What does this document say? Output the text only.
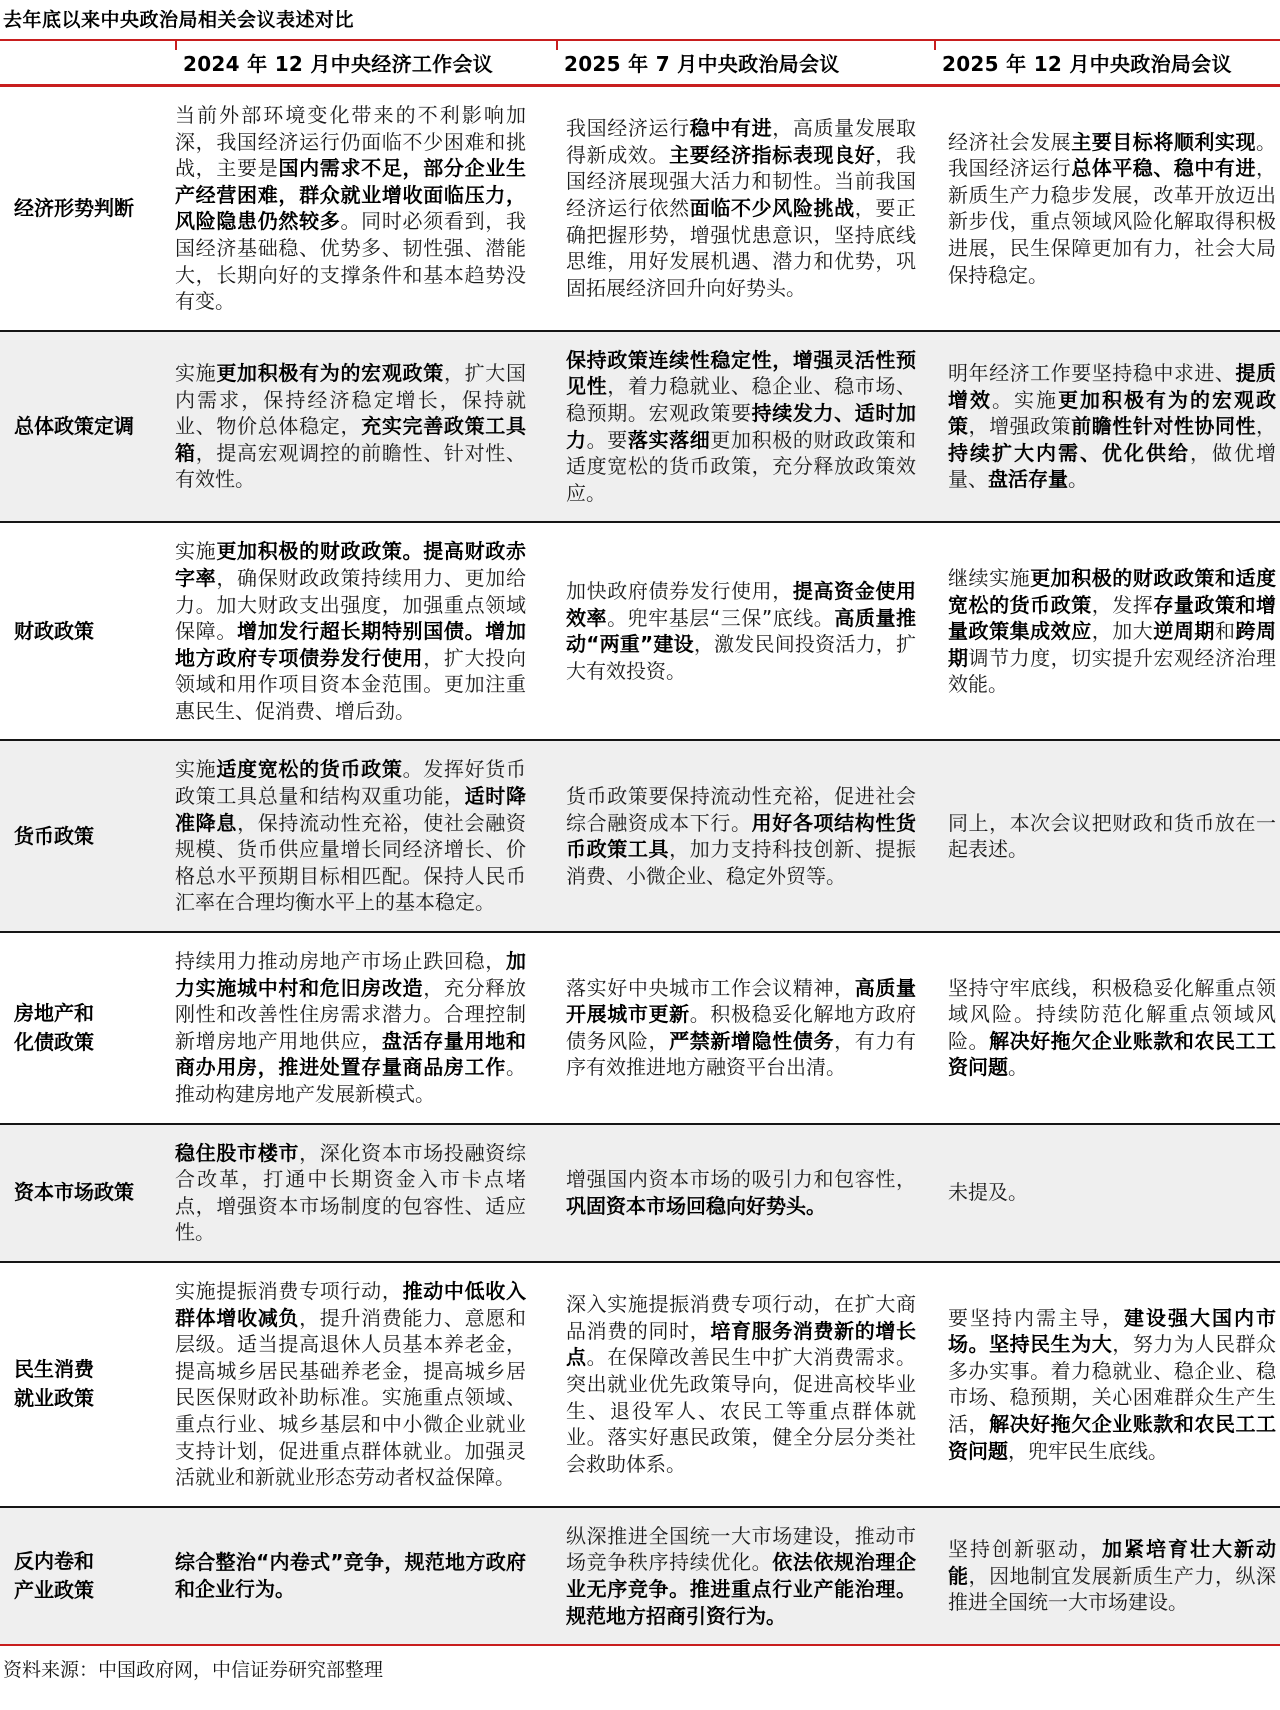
去年底以来中央政治局相关会议表述对比
	2024 年 12 月中央经济工作会议	2025 年 7 月中央政治局会议	2025 年 12 月中央政治局会议
经济形势判断	当前外部环境变化带来的不利影响加深，我国经济运行仍面临不少困难和挑战，主要是国内需求不足，部分企业生产经营困难，群众就业增收面临压力，风险隐患仍然较多。同时必须看到，我国经济基础稳、优势多、韧性强、潜能大，长期向好的支撑条件和基本趋势没有变。	我国经济运行稳中有进，高质量发展取得新成效。主要经济指标表现良好，我国经济展现强大活力和韧性。当前我国经济运行依然面临不少风险挑战，要正确把握形势，增强忧患意识，坚持底线思维，用好发展机遇、潜力和优势，巩固拓展经济回升向好势头。	经济社会发展主要目标将顺利实现。我国经济运行总体平稳、稳中有进，新质生产力稳步发展，改革开放迈出新步伐，重点领域风险化解取得积极进展，民生保障更加有力，社会大局保持稳定。
总体政策定调	实施更加积极有为的宏观政策，扩大国内需求，保持经济稳定增长，保持就业、物价总体稳定，充实完善政策工具箱，提高宏观调控的前瞻性、针对性、有效性。	保持政策连续性稳定性，增强灵活性预见性，着力稳就业、稳企业、稳市场、稳预期。宏观政策要持续发力、适时加力。要落实落细更加积极的财政政策和适度宽松的货币政策，充分释放政策效应。	明年经济工作要坚持稳中求进、提质增效。实施更加积极有为的宏观政策，增强政策前瞻性针对性协同性，持续扩大内需、优化供给，做优增量、盘活存量。
财政政策	实施更加积极的财政政策。提高财政赤字率，确保财政政策持续用力、更加给力。加大财政支出强度，加强重点领域保障。增加发行超长期特别国债。增加地方政府专项债券发行使用，扩大投向领域和用作项目资本金范围。更加注重惠民生、促消费、增后劲。	加快政府债券发行使用，提高资金使用效率。兜牢基层“三保”底线。高质量推动“两重”建设，激发民间投资活力，扩大有效投资。	继续实施更加积极的财政政策和适度宽松的货币政策，发挥存量政策和增量政策集成效应，加大逆周期和跨周期调节力度，切实提升宏观经济治理效能。
货币政策	实施适度宽松的货币政策。发挥好货币政策工具总量和结构双重功能，适时降准降息，保持流动性充裕，使社会融资规模、货币供应量增长同经济增长、价格总水平预期目标相匹配。保持人民币汇率在合理均衡水平上的基本稳定。	货币政策要保持流动性充裕，促进社会综合融资成本下行。用好各项结构性货币政策工具，加力支持科技创新、提振消费、小微企业、稳定外贸等。	同上，本次会议把财政和货币放在一起表述。
房地产和
化债政策	持续用力推动房地产市场止跌回稳，加力实施城中村和危旧房改造，充分释放刚性和改善性住房需求潜力。合理控制新增房地产用地供应，盘活存量用地和商办用房，推进处置存量商品房工作。推动构建房地产发展新模式。	落实好中央城市工作会议精神，高质量开展城市更新。积极稳妥化解地方政府债务风险，严禁新增隐性债务，有力有序有效推进地方融资平台出清。	坚持守牢底线，积极稳妥化解重点领域风险。持续防范化解重点领域风险。解决好拖欠企业账款和农民工工资问题。
资本市场政策	稳住股市楼市，深化资本市场投融资综合改革，打通中长期资金入市卡点堵点，增强资本市场制度的包容性、适应性。	增强国内资本市场的吸引力和包容性，巩固资本市场回稳向好势头。	未提及。
民生消费
就业政策	实施提振消费专项行动，推动中低收入群体增收减负，提升消费能力、意愿和层级。适当提高退休人员基本养老金，提高城乡居民基础养老金，提高城乡居民医保财政补助标准。实施重点领域、重点行业、城乡基层和中小微企业就业支持计划，促进重点群体就业。加强灵活就业和新就业形态劳动者权益保障。	深入实施提振消费专项行动，在扩大商品消费的同时，培育服务消费新的增长点。在保障改善民生中扩大消费需求。突出就业优先政策导向，促进高校毕业生、退役军人、农民工等重点群体就业。落实好惠民政策，健全分层分类社会救助体系。	要坚持内需主导，建设强大国内市场。坚持民生为大，努力为人民群众多办实事。着力稳就业、稳企业、稳市场、稳预期，关心困难群众生产生活，解决好拖欠企业账款和农民工工资问题，兜牢民生底线。
反内卷和
产业政策	综合整治“内卷式”竞争，规范地方政府和企业行为。	纵深推进全国统一大市场建设，推动市场竞争秩序持续优化。依法依规治理企业无序竞争。推进重点行业产能治理。规范地方招商引资行为。	坚持创新驱动，加紧培育壮大新动能，因地制宜发展新质生产力，纵深推进全国统一大市场建设。
资料来源：中国政府网，中信证券研究部整理
